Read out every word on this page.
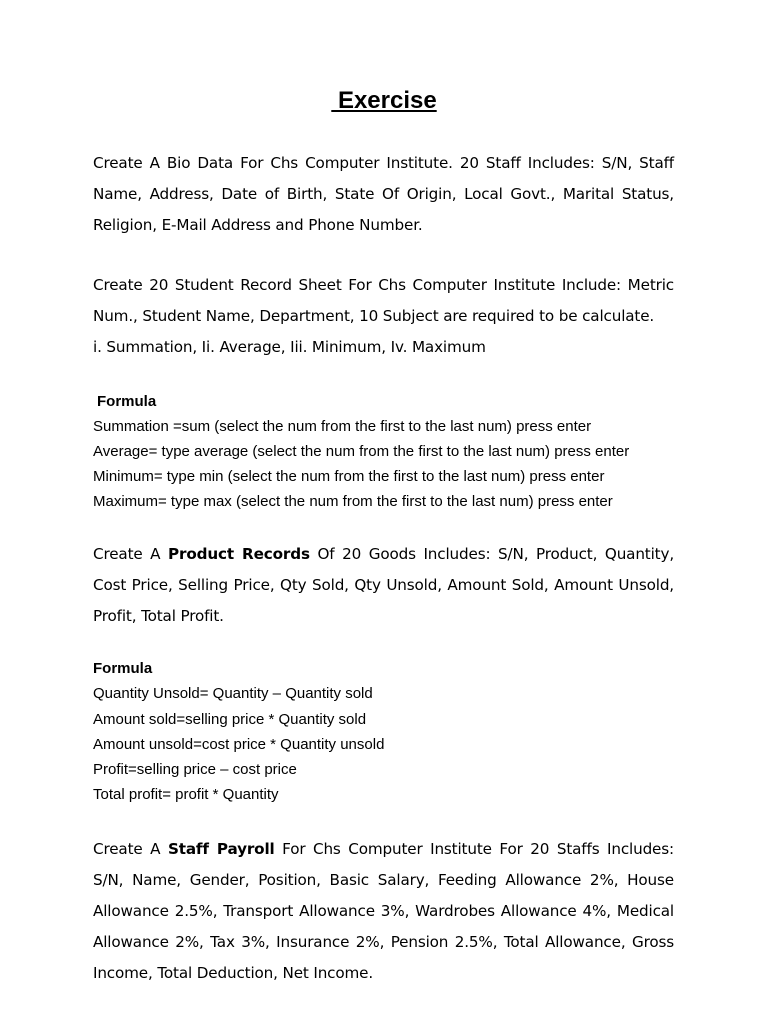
Exercise
Create A Bio Data For Chs Computer Institute. 20 Staff Includes: S/N, Staff Name, Address, Date of Birth, State Of Origin, Local Govt., Marital Status, Religion, E-Mail Address and Phone Number.
Create 20 Student Record Sheet For Chs Computer Institute Include: Metric Num., Student Name, Department, 10 Subject are required to be calculate.
i. Summation, Ii. Average, Iii. Minimum, Iv. Maximum
Formula
Summation =sum (select the num from the first to the last num) press enter
Average= type average (select the num from the first to the last num) press enter
Minimum= type min (select the num from the first to the last num) press enter
Maximum= type max (select the num from the first to the last num) press enter
Create A Product Records Of 20 Goods Includes: S/N, Product, Quantity, Cost Price, Selling Price, Qty Sold, Qty Unsold, Amount Sold, Amount Unsold, Profit, Total Profit.
Formula
Quantity Unsold= Quantity – Quantity sold
Amount sold=selling price * Quantity sold
Amount unsold=cost price * Quantity unsold
Profit=selling price – cost price
Total profit= profit * Quantity
Create A Staff Payroll For Chs Computer Institute For 20 Staffs Includes: S/N, Name, Gender, Position, Basic Salary, Feeding Allowance 2%, House Allowance 2.5%, Transport Allowance 3%, Wardrobes Allowance 4%, Medical Allowance 2%, Tax 3%, Insurance 2%, Pension 2.5%, Total Allowance, Gross Income, Total Deduction, Net Income.
